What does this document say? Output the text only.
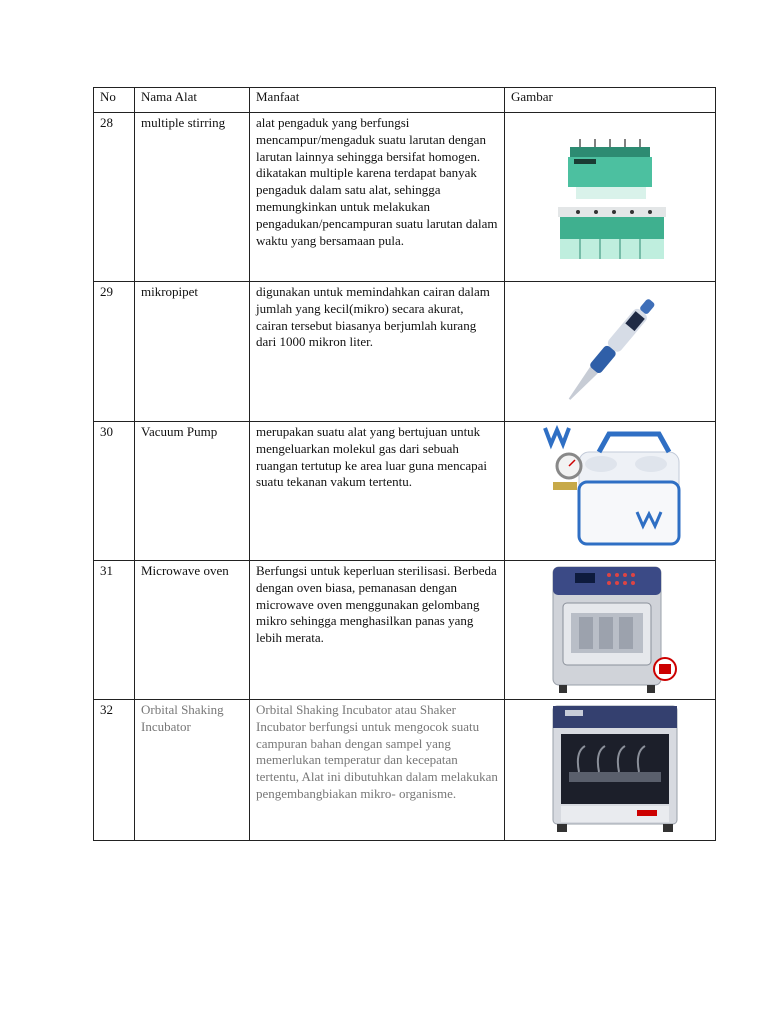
No	Nama Alat	Manfaat	Gambar
28	multiple stirring	alat pengaduk yang berfungsi mencampur/mengaduk suatu larutan dengan larutan lainnya sehingga bersifat homogen. dikatakan multiple karena terdapat banyak pengaduk dalam satu alat, sehingga memungkinkan untuk melakukan pengadukan/pencampuran suatu larutan dalam waktu yang bersamaan pula.	

29	mikropipet	digunakan untuk memindahkan cairan dalam jumlah yang kecil(mikro) secara akurat, cairan tersebut biasanya berjumlah kurang dari 1000 mikron liter.	

30	Vacuum Pump	merupakan suatu alat yang bertujuan untuk mengeluarkan molekul gas dari sebuah ruangan tertutup ke area luar guna mencapai suatu tekanan vakum tertentu.	

31	Microwave oven	Berfungsi untuk keperluan sterilisasi. Berbeda dengan oven biasa, pemanasan dengan microwave oven menggunakan gelombang mikro sehingga menghasilkan panas yang lebih merata.	

32	Orbital Shaking Incubator	Orbital Shaking Incubator atau Shaker Incubator berfungsi untuk mengocok suatu campuran bahan dengan sampel yang memerlukan temperatur dan kecepatan tertentu, Alat ini dibutuhkan dalam melakukan pengembangbiakan mikro- organisme.	
